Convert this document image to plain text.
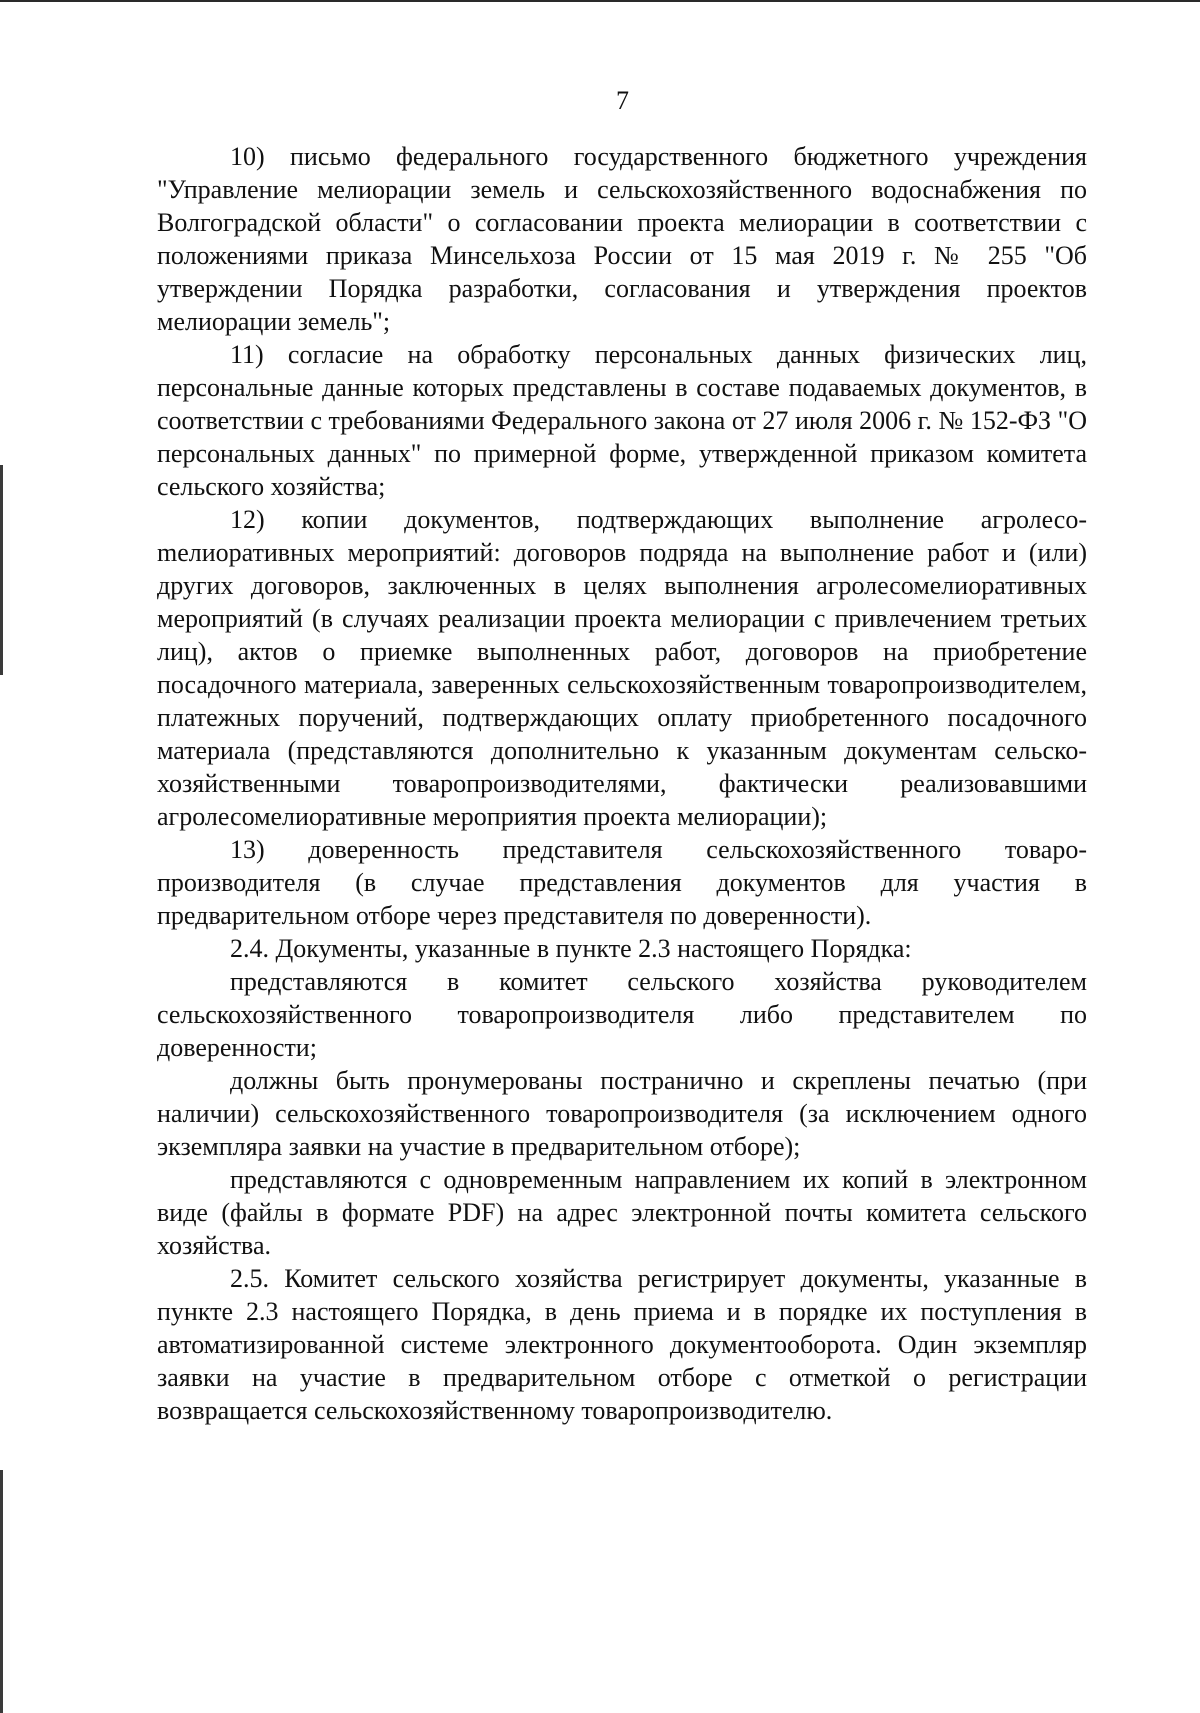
7

10) письмо федерального государственного бюджетного учреждения "Управление мелиорации земель и сельскохозяйственного водоснабжения по Волгоградской области" о согласовании проекта мелиорации в соответствии с положениями приказа Минсельхоза России от 15 мая 2019 г. № 255 "Об утверждении Порядка разработки, согласования и утверждения проектов мелиорации земель";

11) согласие на обработку персональных данных физических лиц, персональные данные которых представлены в составе подаваемых документов, в соответствии с требованиями Федерального закона от 27 июля 2006 г. № 152-ФЗ "О персональных данных" по примерной форме, утвержденной приказом комитета сельского хозяйства;

12) копии документов, подтверждающих выполнение агролесоmелиоративных мероприятий: договоров подряда на выполнение работ и (или) других договоров, заключенных в целях выполнения агролесомелиоративных мероприятий (в случаях реализации проекта мелиорации с привлечением третьих лиц), актов о приемке выполненных работ, договоров на приобретение посадочного материала, заверенных сельскохозяйственным товаропроизводителем, платежных поручений, подтверждающих оплату приобретенного посадочного материала (представляются дополнительно к указанным документам сельскохозяйственными товаропроизводителями, фактически реализовавшими агролесомелиоративные мероприятия проекта мелиорации);

13) доверенность представителя сельскохозяйственного товаропроизводителя (в случае представления документов для участия в предварительном отборе через представителя по доверенности).

2.4. Документы, указанные в пункте 2.3 настоящего Порядка:

представляются в комитет сельского хозяйства руководителем сельскохозяйственного товаропроизводителя либо представителем по доверенности;

должны быть пронумерованы постранично и скреплены печатью (при наличии) сельскохозяйственного товаропроизводителя (за исключением одного экземпляра заявки на участие в предварительном отборе);

представляются с одновременным направлением их копий в электронном виде (файлы в формате PDF) на адрес электронной почты комитета сельского хозяйства.

2.5. Комитет сельского хозяйства регистрирует документы, указанные в пункте 2.3 настоящего Порядка, в день приема и в порядке их поступления в автоматизированной системе электронного документооборота. Один экземпляр заявки на участие в предварительном отборе с отметкой о регистрации возвращается сельскохозяйственному товаропроизводителю.
